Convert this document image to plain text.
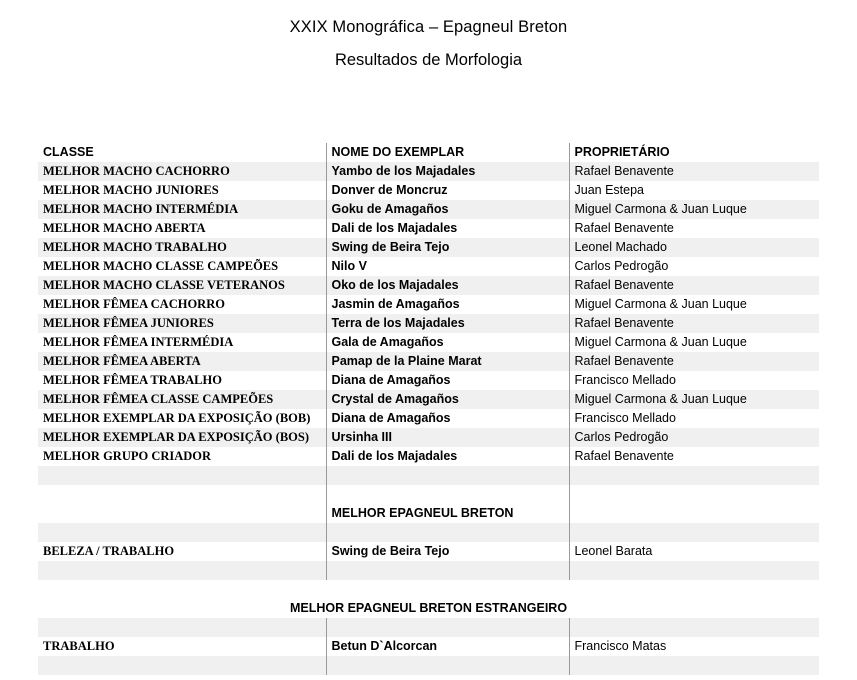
XXIX Monográfica – Epagneul Breton
Resultados de Morfologia
CLASSE	NOME DO EXEMPLAR	PROPRIETÁRIO
MELHOR MACHO CACHORRO	Yambo de los Majadales	Rafael Benavente
MELHOR MACHO JUNIORES	Donver de Moncruz	Juan Estepa
MELHOR MACHO INTERMÉDIA	Goku de Amagaños	Miguel Carmona & Juan Luque
MELHOR MACHO ABERTA	Dali de los Majadales	Rafael Benavente
MELHOR MACHO TRABALHO	Swing de Beira Tejo	Leonel Machado
MELHOR MACHO CLASSE CAMPEÕES	Nilo V	Carlos Pedrogão
MELHOR MACHO CLASSE VETERANOS	Oko de los Majadales	Rafael Benavente
MELHOR FÊMEA CACHORRO	Jasmin de Amagaños	Miguel Carmona & Juan Luque
MELHOR FÊMEA JUNIORES	Terra de los Majadales	Rafael Benavente
MELHOR FÊMEA INTERMÉDIA	Gala de Amagaños	Miguel Carmona & Juan Luque
MELHOR FÊMEA ABERTA	Pamap de la Plaine Marat	Rafael Benavente
MELHOR FÊMEA TRABALHO	Diana de Amagaños	Francisco Mellado
MELHOR FÊMEA CLASSE CAMPEÕES	Crystal de Amagaños	Miguel Carmona & Juan Luque
MELHOR EXEMPLAR DA EXPOSIÇÃO (BOB)	Diana de Amagaños	Francisco Mellado
MELHOR EXEMPLAR DA EXPOSIÇÃO (BOS)	Ursinha III	Carlos Pedrogão
MELHOR GRUPO CRIADOR	Dali de los Majadales	Rafael Benavente

	MELHOR EPAGNEUL BRETON	

BELEZA / TRABALHO	Swing de Beira Tejo	Leonel Barata

MELHOR EPAGNEUL BRETON ESTRANGEIRO		

TRABALHO	Betun D`Alcorcan	Francisco Matas
